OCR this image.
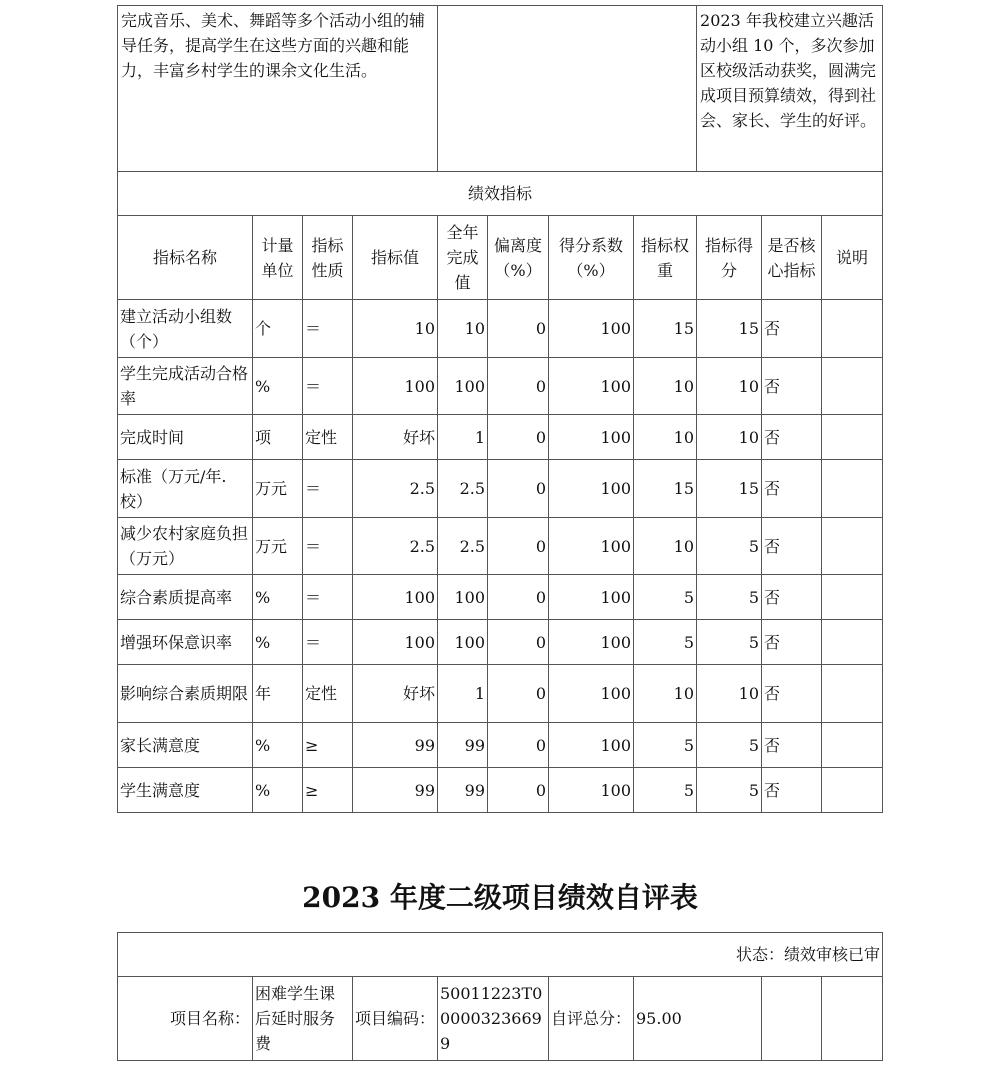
完成音乐、美术、舞蹈等多个活动小组的辅导任务，提高学生在这些方面的兴趣和能力，丰富乡村学生的课余文化生活。								2023 年我校建立兴趣活动小组 10 个，多次参加区校级活动获奖，圆满完成项目预算绩效，得到社会、家长、学生的好评。		
绩效指标										
指标名称	计量单位	指标性质	指标值	全年完成值	偏离度（%）	得分系数（%）	指标权重	指标得分	是否核心指标	说明
建立活动小组数（个）	个	＝	10	10	0	100	15	15	否	
学生完成活动合格率	%	＝	100	100	0	100	10	10	否	
完成时间	项	定性	好坏	1	0	100	10	10	否	
标准（万元/年.校）	万元	＝	2.5	2.5	0	100	15	15	否	
减少农村家庭负担（万元）	万元	＝	2.5	2.5	0	100	10	5	否	
综合素质提高率	%	＝	100	100	0	100	5	5	否	
增强环保意识率	%	＝	100	100	0	100	5	5	否	
影响综合素质期限	年	定性	好坏	1	0	100	10	10	否	
家长满意度	%	≥	99	99	0	100	5	5	否	
学生满意度	%	≥	99	99	0	100	5	5	否	
2023 年度二级项目绩效自评表
状态：绩效审核已审
项目名称：	困难学生课后延时服务费	项目编码：	50011223T000003236699	自评总分：	95.00		
